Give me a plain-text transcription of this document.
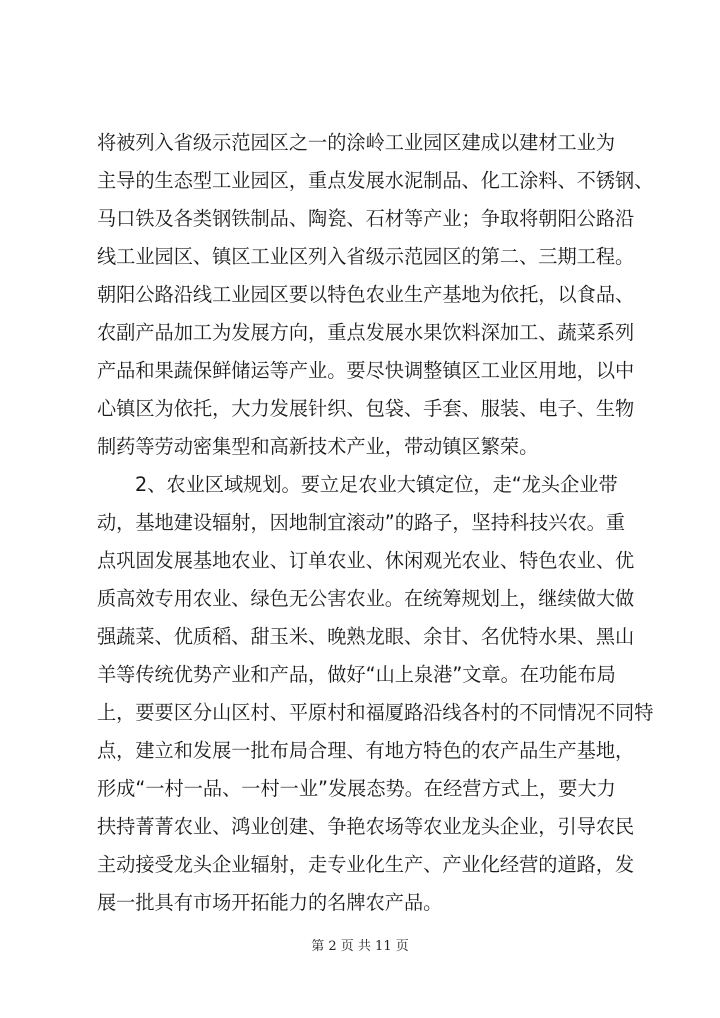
将被列入省级示范园区之一的涂岭工业园区建成以建材工业为
主导的生态型工业园区，重点发展水泥制品、化工涂料、不锈钢、
马口铁及各类钢铁制品、陶瓷、石材等产业；争取将朝阳公路沿
线工业园区、镇区工业区列入省级示范园区的第二、三期工程。
朝阳公路沿线工业园区要以特色农业生产基地为依托，以食品、
农副产品加工为发展方向，重点发展水果饮料深加工、蔬菜系列
产品和果蔬保鲜储运等产业。要尽快调整镇区工业区用地，以中
心镇区为依托，大力发展针织、包袋、手套、服装、电子、生物
制药等劳动密集型和高新技术产业，带动镇区繁荣。
2、农业区域规划。要立足农业大镇定位，走“龙头企业带
动，基地建设辐射，因地制宜滚动”的路子，坚持科技兴农。重
点巩固发展基地农业、订单农业、休闲观光农业、特色农业、优
质高效专用农业、绿色无公害农业。在统筹规划上，继续做大做
强蔬菜、优质稻、甜玉米、晚熟龙眼、余甘、名优特水果、黑山
羊等传统优势产业和产品，做好“山上泉港”文章。在功能布局
上，要要区分山区村、平原村和福厦路沿线各村的不同情况不同特
点，建立和发展一批布局合理、有地方特色的农产品生产基地，
形成“一村一品、一村一业”发展态势。在经营方式上，要大力
扶持菁菁农业、鸿业创建、争艳农场等农业龙头企业，引导农民
主动接受龙头企业辐射，走专业化生产、产业化经营的道路，发
展一批具有市场开拓能力的名牌农产品。
第 2 页 共 11 页
